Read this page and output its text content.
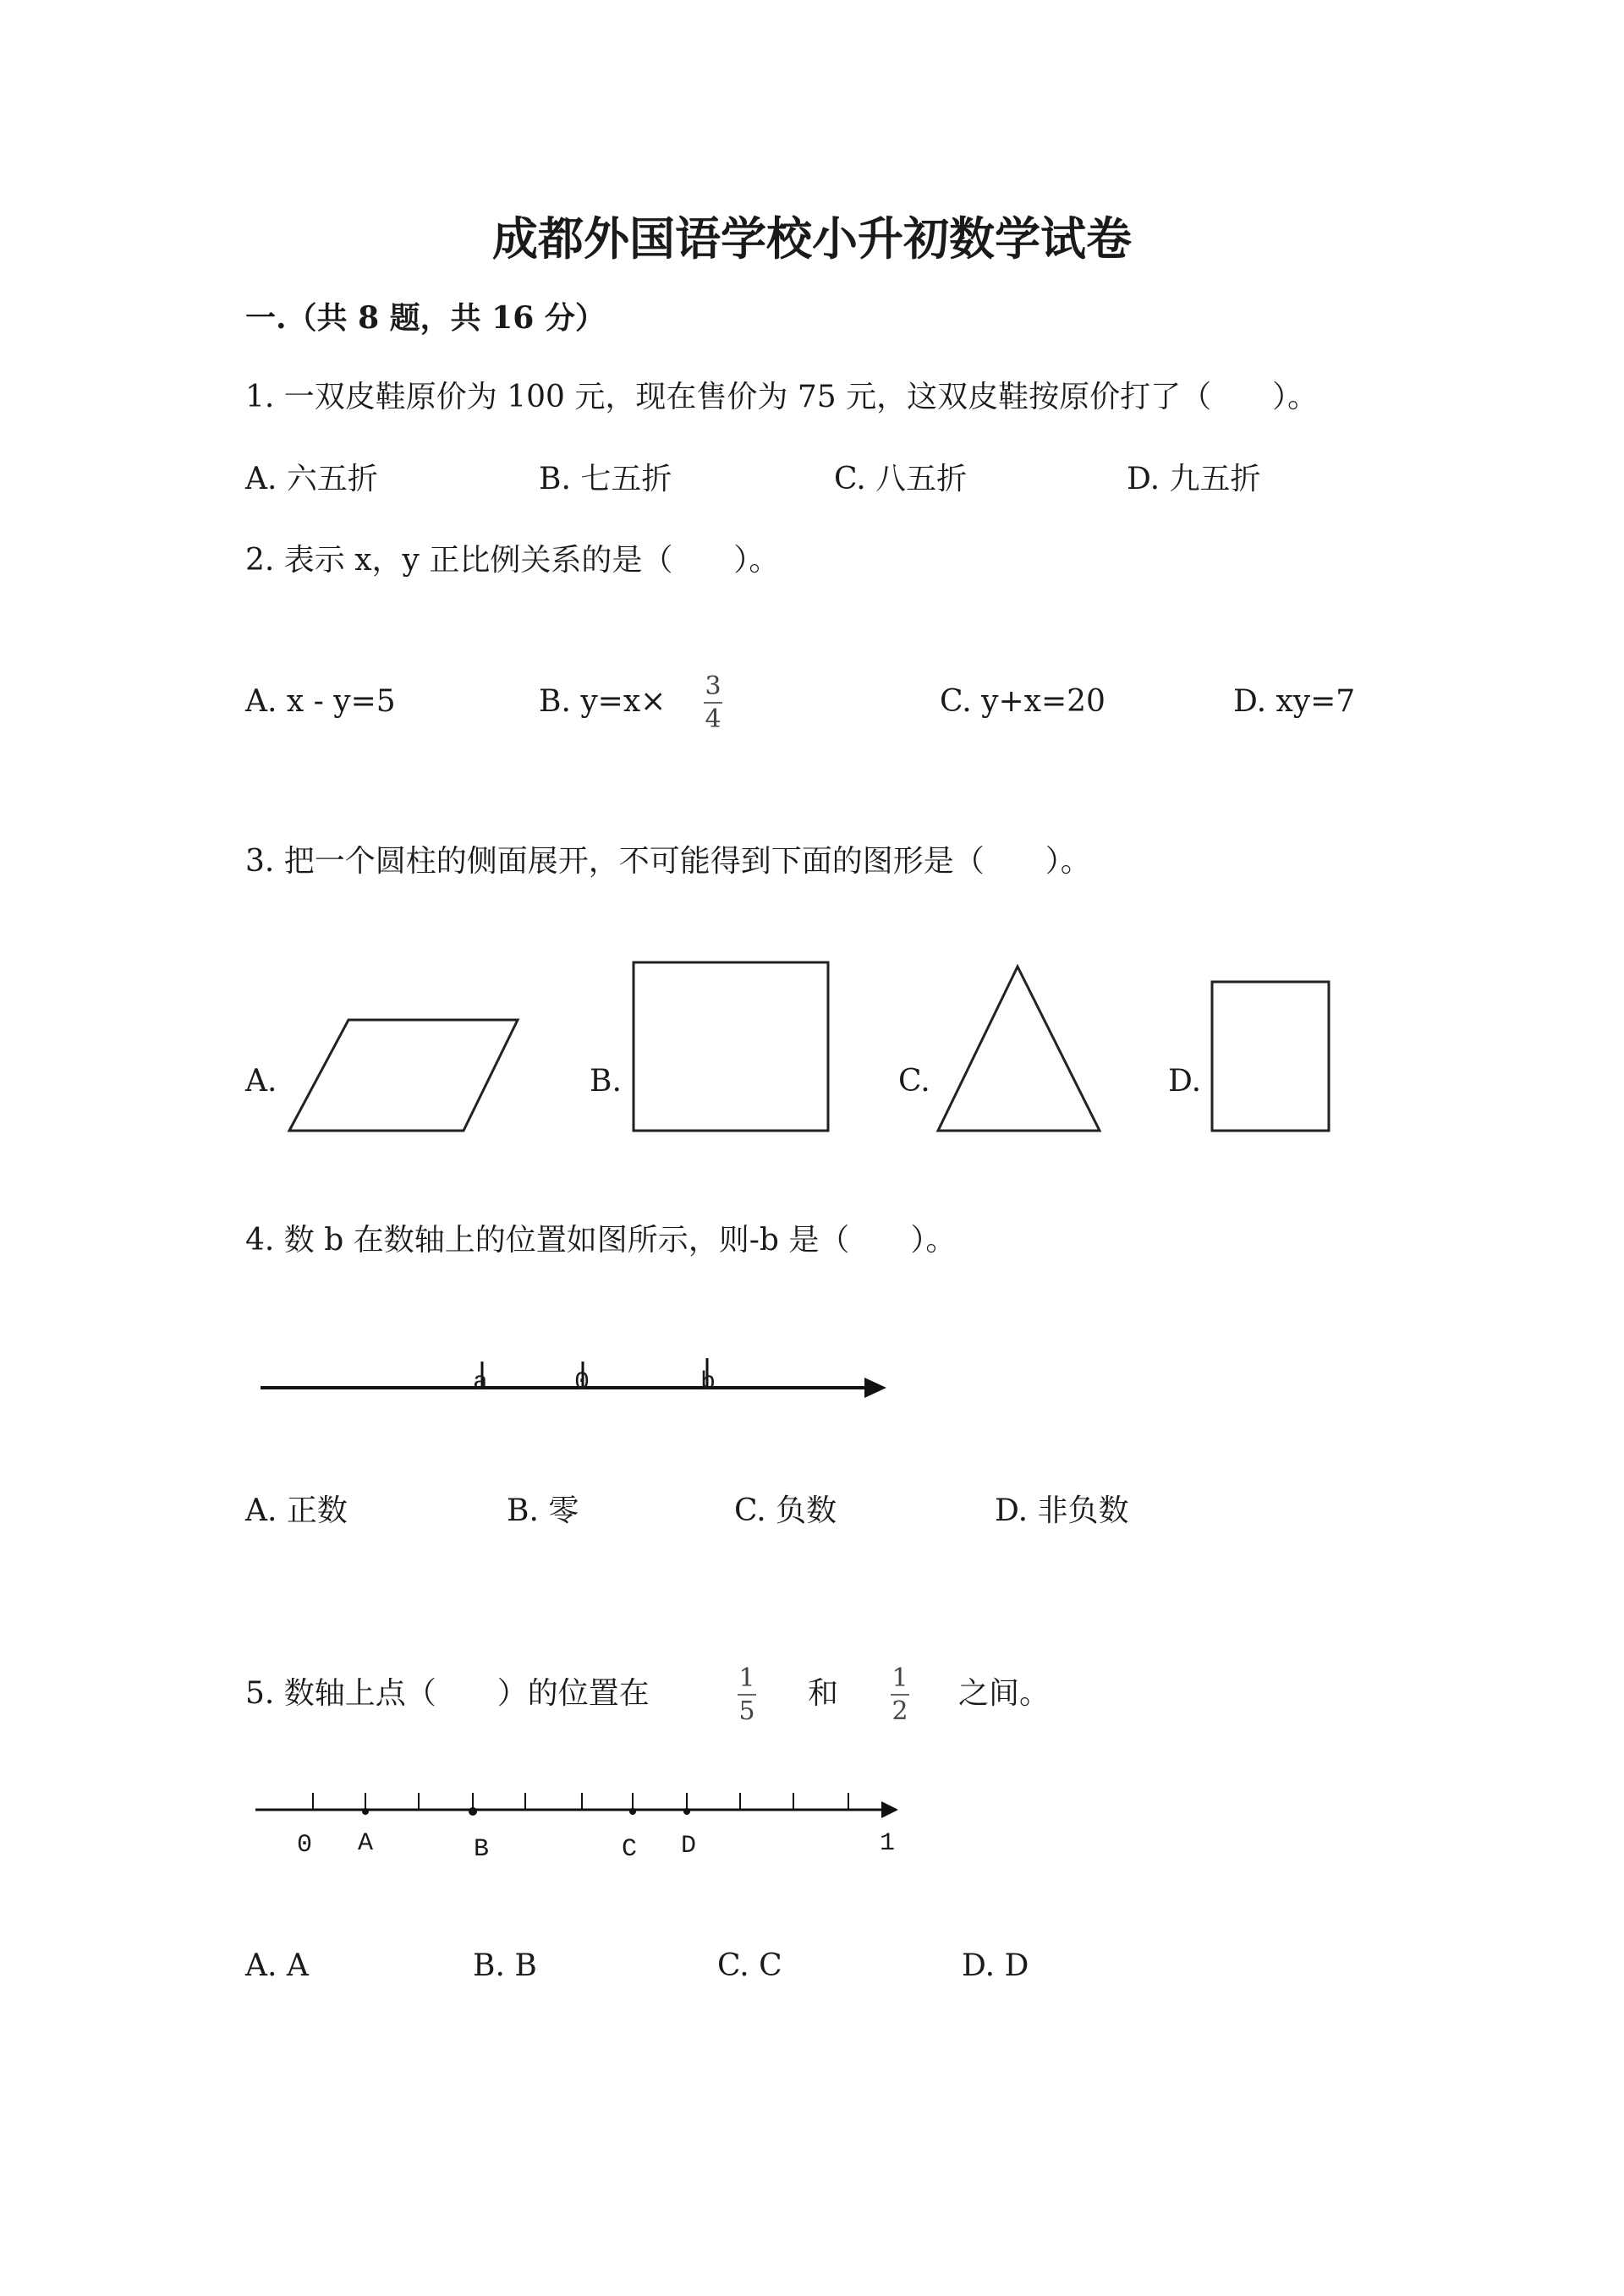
成都外国语学校小升初数学试卷
一.（共 8 题，共 16 分）
1. 一双皮鞋原价为 100 元，现在售价为 75 元，这双皮鞋按原价打了（　　）。
A. 六五折	B. 七五折	C. 八五折	D. 九五折
2. 表示 x，y 正比例关系的是（　　）。
A. x - y=5	B. y=x× 3
4
C. y+x=20	D. xy=7
3. 把一个圆柱的侧面展开，不可能得到下面的图形是（　　）。
A.	B.	C.	D.
4. 数 b 在数轴上的位置如图所示，则-b 是（　　）。
a	0	b
A. 正数	B. 零	C. 负数	D. 非负数
5. 数轴上点（　　）的位置在	1
5
和 1
2
之间。
0 A	B	C D	1
A. A	B. B	C. C	D. D
